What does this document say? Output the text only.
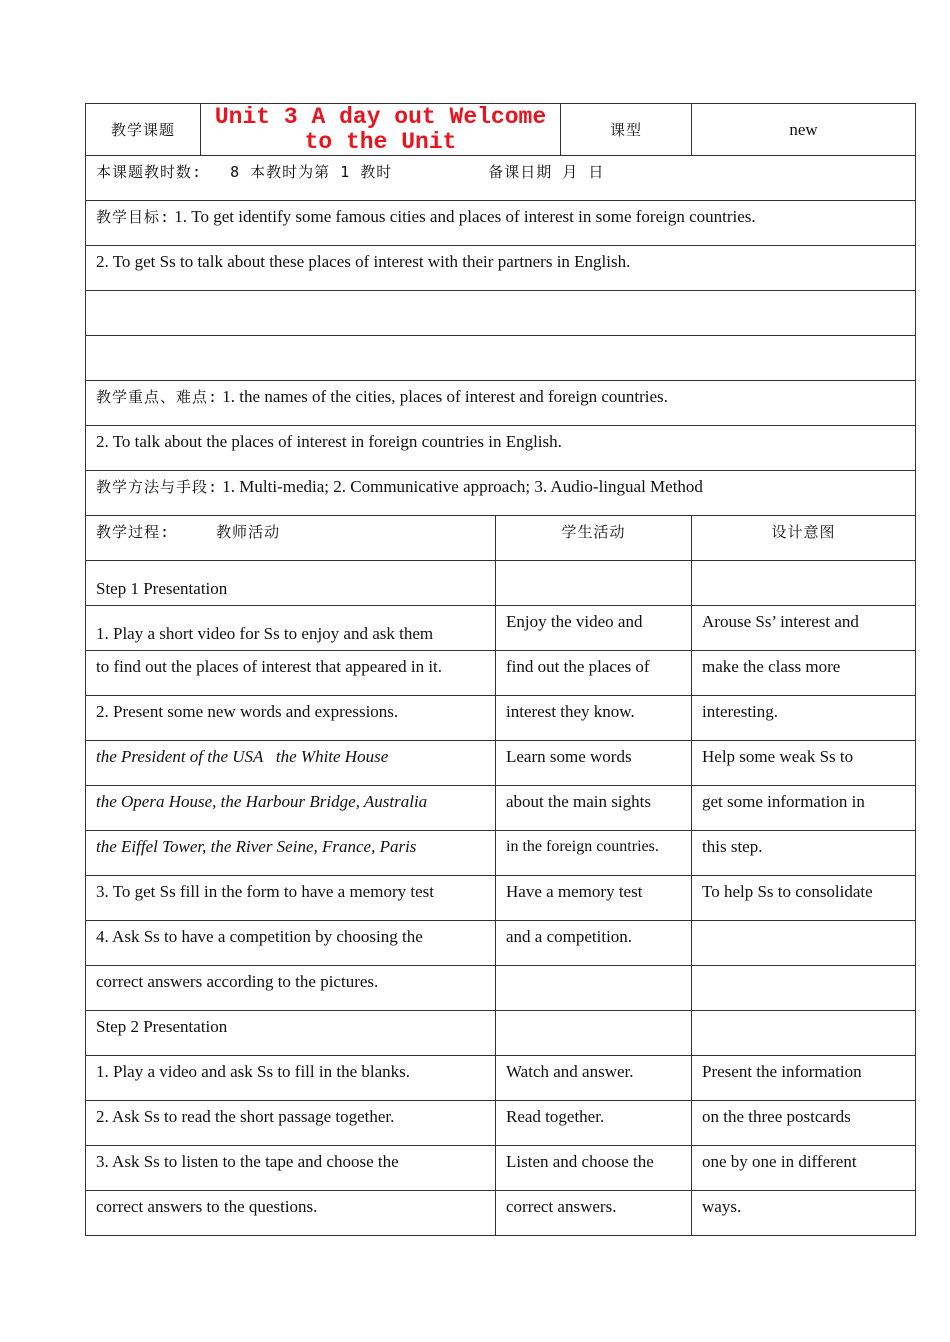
教学课题	Unit 3 A day out Welcome to the Unit		课型	new
本课题教时数: 8 本教时为第 1 教时 备课日期 月 日				
教学目标: 1. To get identify some famous cities and places of interest in some foreign countries.				
2. To get Ss to talk about these places of interest with their partners in English.				

教学重点、难点: 1. the names of the cities, places of interest and foreign countries.				
2. To talk about the places of interest in foreign countries in English.				
教学方法与手段: 1. Multi-media; 2. Communicative approach; 3. Audio-lingual Method				
教学过程: 教师活动		学生活动		设计意图
Step 1 Presentation				
1. Play a short video for Ss to enjoy and ask them		Enjoy the video and		Arouse Ss’ interest and
to find out the places of interest that appeared in it.		find out the places of		make the class more
2. Present some new words and expressions.		interest they know.		interesting.
the President of the USA   the White House		Learn some words		Help some weak Ss to
the Opera House, the Harbour Bridge, Australia		about the main sights		get some information in
the Eiffel Tower, the River Seine, France, Paris		in the foreign countries.		this step.
3. To get Ss fill in the form to have a memory test		Have a memory test		To help Ss to consolidate
4. Ask Ss to have a competition by choosing the		and a competition.		
correct answers according to the pictures.				
Step 2 Presentation				
1. Play a video and ask Ss to fill in the blanks.		Watch and answer.		Present the information
2. Ask Ss to read the short passage together.		Read together.		on the three postcards
3. Ask Ss to listen to the tape and choose the		Listen and choose the		one by one in different
correct answers to the questions.		correct answers.		ways.
